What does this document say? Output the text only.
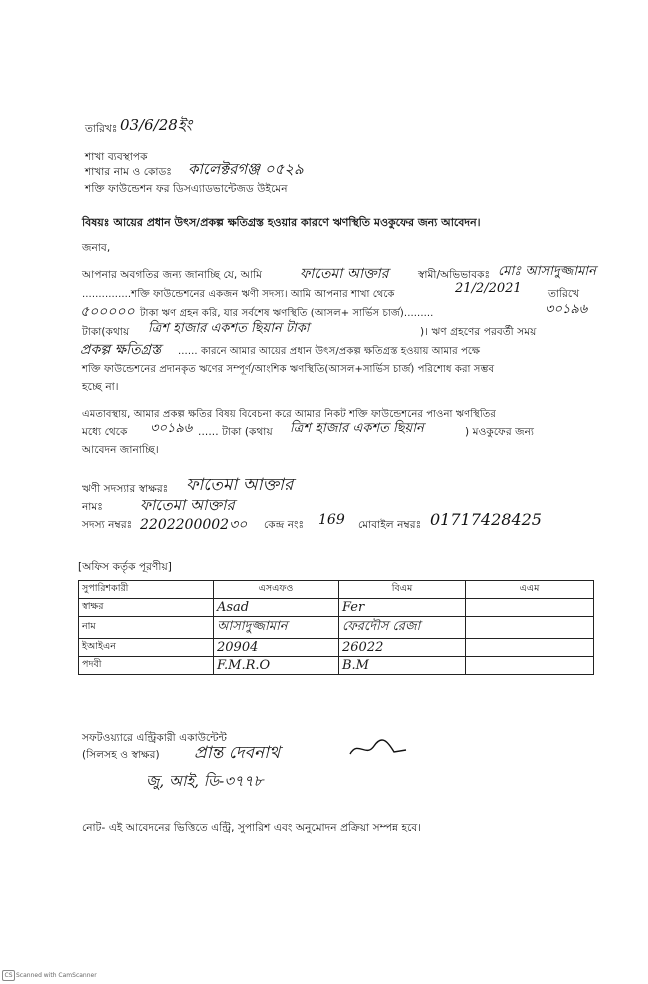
তারিখঃ 03/6/28ইং
শাখা ব্যবস্থাপক
শাখার নাম ও কোডঃ কালেক্টরগঞ্জ ০৫২৯
শক্তি ফাউন্ডেশন ফর ডিসএ্যাডভান্টেজড উইমেন
বিষয়ঃ আয়ের প্রধান উৎস/প্রকল্প ক্ষতিগ্রস্ত হওয়ার কারণে ঋণস্থিতি মওকুফের জন্য আবেদন।
জনাব,
আপনার অবগতির জন্য জানাচ্ছি যে, আমি	ফাতেমা আক্তার	স্বামী/অভিভাবকঃ মোঃ আসাদুজ্জামান
...............শক্তি ফাউন্ডেশনের একজন ঋণী সদস্য। আমি আপনার শাখা থেকে	21/2/2021	তারিখে
৫০০০০০ টাকা ঋণ গ্রহন করি, যার সর্বশেষ ঋণস্থিতি (আসল+ সার্ভিস চার্জ).........	৩০১৯৬
টাকা(কথায় ত্রিশ হাজার একশত ছিয়ান টাকা	)। ঋণ গ্রহণের পরবর্তী সময়
প্রকল্প ক্ষতিগ্রস্ত ...... কারনে আমার আয়ের প্রধান উৎস/প্রকল্প ক্ষতিগ্রস্ত হওয়ায় আমার পক্ষে
শক্তি ফাউন্ডেশনের প্রদানকৃত ঋণের সম্পূর্ণ/আংশিক ঋণস্থিতি(আসল+সার্ভিস চার্জ) পরিশোধ করা সম্ভব
হচ্ছে না।
এমতাবস্থায়, আমার প্রকল্প ক্ষতির বিষয় বিবেচনা করে আমার নিকট শক্তি ফাউন্ডেশনের পাওনা ঋণস্থিতির
মধ্যে থেকে ৩০১৯৬ ...... টাকা (কথায় ত্রিশ হাজার একশত ছিয়ান	) মওকুফের জন্য
আবেদন জানাচ্ছি।
ঋণী সদস্যার স্বাক্ষরঃ ফাতেমা আক্তার
নামঃ ফাতেমা আক্তার
সদস্য নম্বরঃ 2202200002৩০ কেন্দ্র নংঃ 169 মোবাইল নম্বরঃ 01717428425
[অফিস কর্তৃক পূরণীয়]
সুপারিশকারী	এসএফও	বিএম	এএম
স্বাক্ষর	Asad	Fer	
নাম	আসাদুজ্জামান	ফেরদৌস রেজা	
ইআইএন	20904	26022	
পদবী	F.M.R.O	B.M	
সফটওয়্যারে এন্ট্রিকারী একাউন্টেন্ট
(সিলসহ ও স্বাক্ষর) প্রান্ত দেবনাথ
জু, আই, ডি-৩৭৭৮
নোট- এই আবেদনের ভিত্তিতে এন্ট্রি, সুপারিশ এবং অনুমোদন প্রক্রিয়া সম্পন্ন হবে।
CS Scanned with CamScanner
